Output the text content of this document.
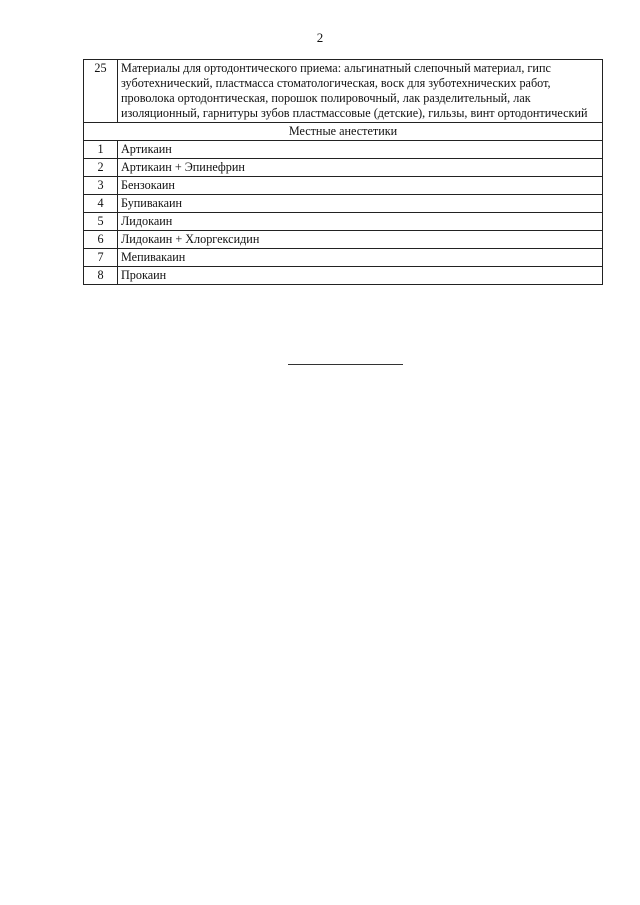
2
25	Материалы для ортодонтического приема: альгинатный слепочный материал, гипс зуботехнический, пластмасса стоматологическая, воск для зуботехнических работ, проволока ортодонтическая, порошок полировочный, лак разделительный, лак изоляционный, гарнитуры зубов пластмассовые (детские), гильзы, винт ортодонтический
Местные анестетики	
1	Артикаин
2	Артикаин + Эпинефрин
3	Бензокаин
4	Бупивакаин
5	Лидокаин
6	Лидокаин + Хлоргексидин
7	Мепивакаин
8	Прокаин
